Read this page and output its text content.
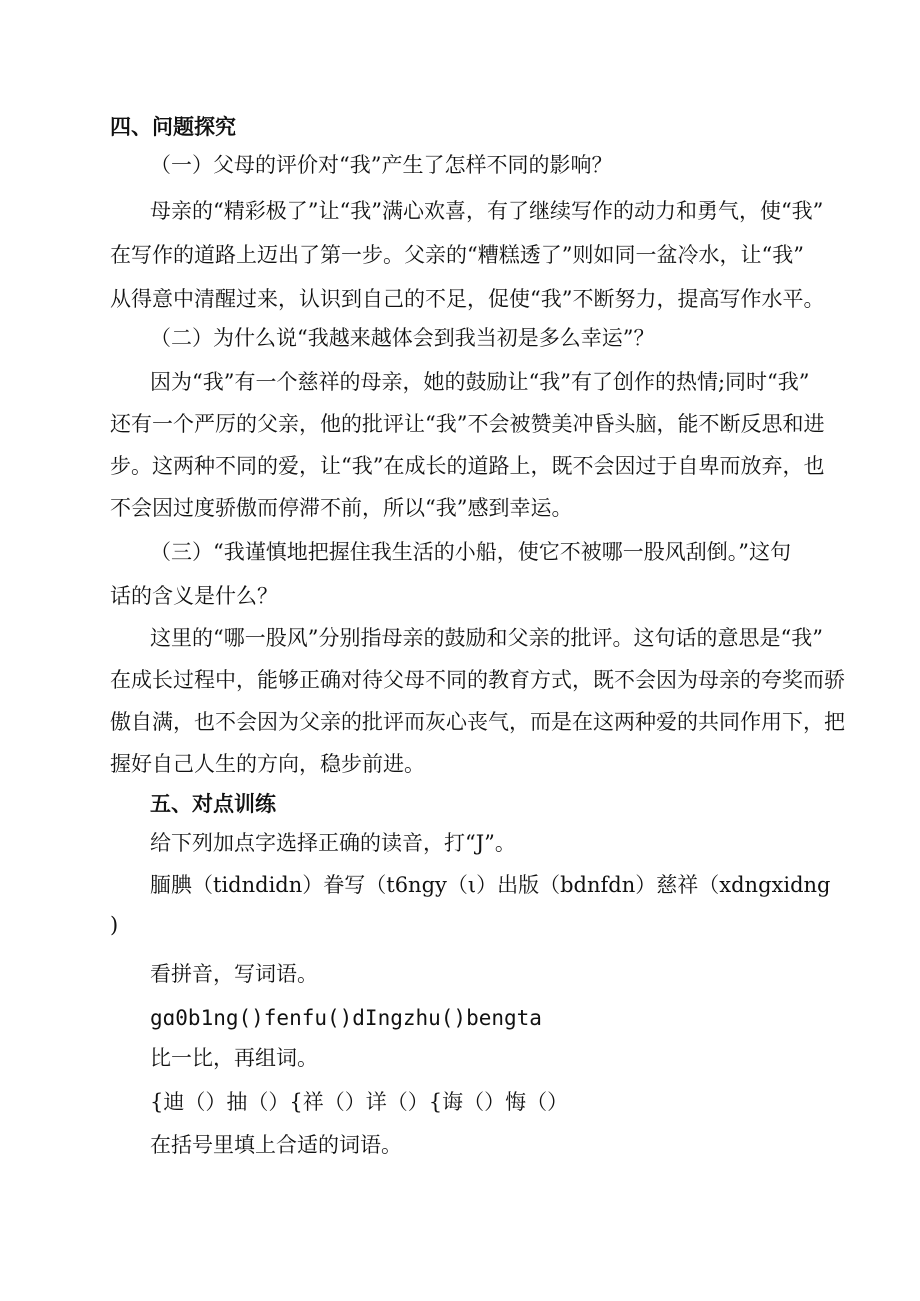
四、问题探究
（一）父母的评价对“我”产生了怎样不同的影响？
母亲的“精彩极了”让“我”满心欢喜，有了继续写作的动力和勇气，使“我”
在写作的道路上迈出了第一步。父亲的“糟糕透了”则如同一盆冷水，让“我”
从得意中清醒过来，认识到自己的不足，促使“我”不断努力，提高写作水平。
（二）为什么说“我越来越体会到我当初是多么幸运”？
因为“我”有一个慈祥的母亲，她的鼓励让“我”有了创作的热情;同时“我”
还有一个严厉的父亲，他的批评让“我”不会被赞美冲昏头脑，能不断反思和进
步。这两种不同的爱，让“我”在成长的道路上，既不会因过于自卑而放弃，也
不会因过度骄傲而停滞不前，所以“我”感到幸运。
（三）“我谨慎地把握住我生活的小船，使它不被哪一股风刮倒。”这句
话的含义是什么？
这里的“哪一股风”分别指母亲的鼓励和父亲的批评。这句话的意思是“我”
在成长过程中，能够正确对待父母不同的教育方式，既不会因为母亲的夸奖而骄
傲自满，也不会因为父亲的批评而灰心丧气，而是在这两种爱的共同作用下，把
握好自己人生的方向，稳步前进。
五、对点训练
给下列加点字选择正确的读音，打“J”。
腼腆（tidndidn）眷写（t6ngy（ι）出版（bdnfdn）慈祥（xdngxidng
)
看拼音，写词语。
gɑ0b1ng()fenfu()dIngzhu()bengta
比一比，再组词。
{迪（）抽（）{祥（）详（）{诲（）悔（）
在括号里填上合适的词语。
